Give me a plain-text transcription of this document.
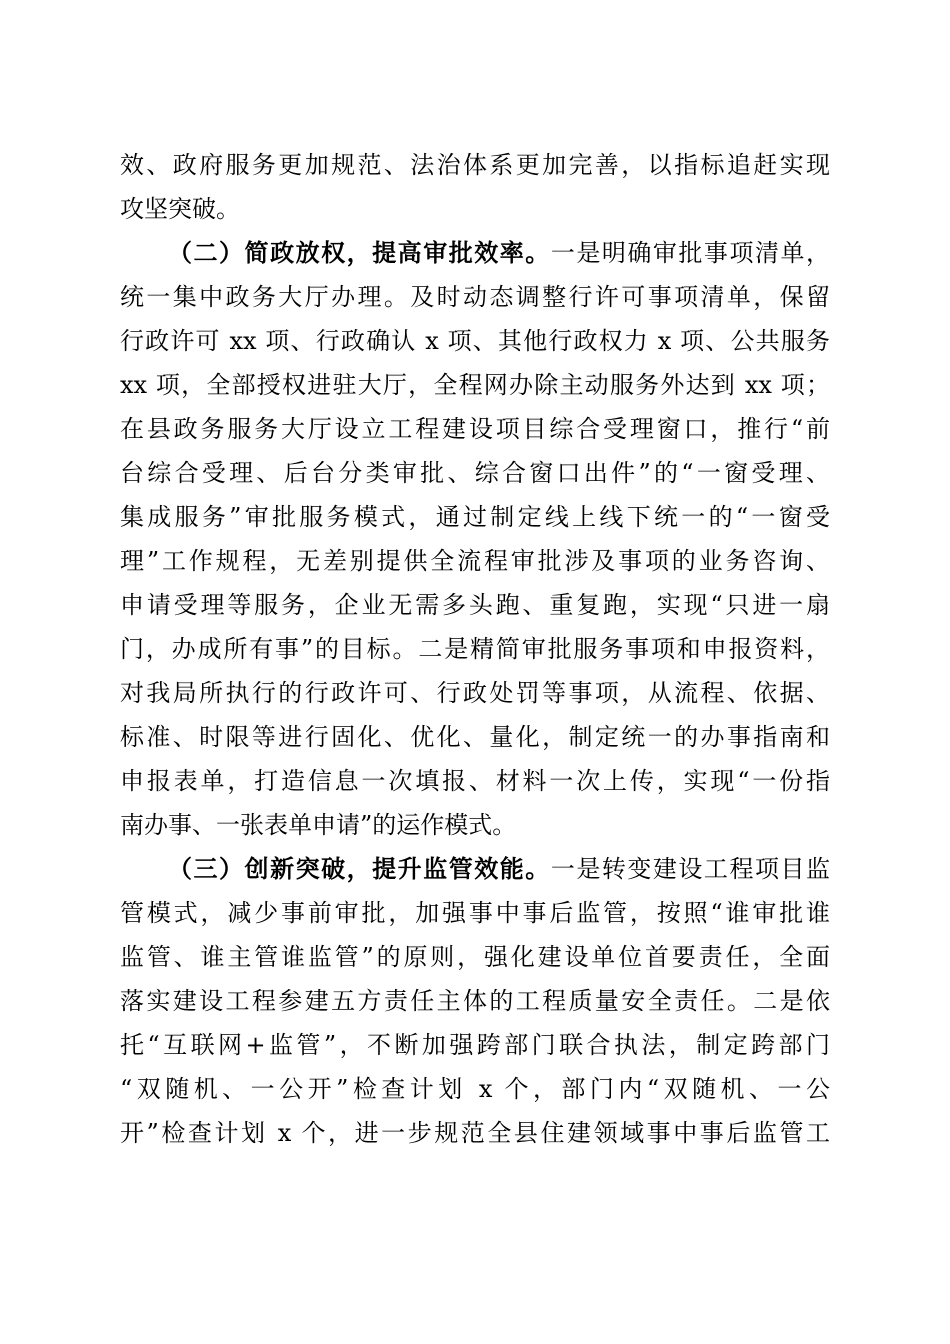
效、政府服务更加规范、法治体系更加完善，以指标追赶实现
攻坚突破。
（二）简政放权，提高审批效率。一是明确审批事项清单，
统一集中政务大厅办理。及时动态调整行许可事项清单，保留
行政许可 xx 项、行政确认 x 项、其他行政权力 x 项、公共服务
xx 项，全部授权进驻大厅，全程网办除主动服务外达到 xx 项；
在县政务服务大厅设立工程建设项目综合受理窗口，推行“前
台综合受理、后台分类审批、综合窗口出件”的“一窗受理、
集成服务”审批服务模式，通过制定线上线下统一的“一窗受
理”工作规程，无差别提供全流程审批涉及事项的业务咨询、
申请受理等服务，企业无需多头跑、重复跑，实现“只进一扇
门，办成所有事”的目标。二是精简审批服务事项和申报资料，
对我局所执行的行政许可、行政处罚等事项，从流程、依据、
标准、时限等进行固化、优化、量化，制定统一的办事指南和
申报表单，打造信息一次填报、材料一次上传，实现“一份指
南办事、一张表单申请”的运作模式。
（三）创新突破，提升监管效能。一是转变建设工程项目监
管模式，减少事前审批，加强事中事后监管，按照“谁审批谁
监管、谁主管谁监管”的原则，强化建设单位首要责任，全面
落实建设工程参建五方责任主体的工程质量安全责任。二是依
托“互联网+监管”，不断加强跨部门联合执法，制定跨部门
“双随机、一公开”检查计划 x 个，部门内“双随机、一公
开”检查计划 x 个，进一步规范全县住建领域事中事后监管工
